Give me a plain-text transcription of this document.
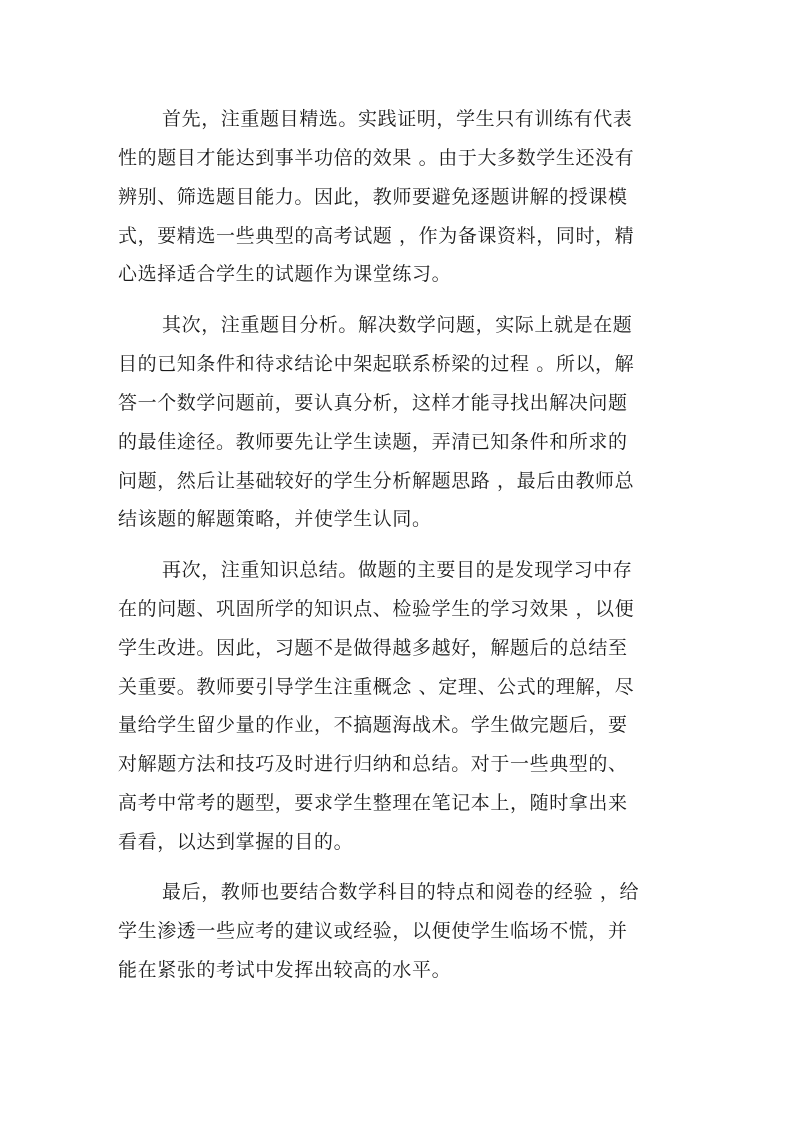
首先，注重题目精选。实践证明，学生只有训练有代表
性的题目才能达到事半功倍的效果 。由于大多数学生还没有
辨别、筛选题目能力。因此，教师要避免逐题讲解的授课模
式，要精选一些典型的高考试题 ，作为备课资料，同时，精
心选择适合学生的试题作为课堂练习。
其次，注重题目分析。解决数学问题，实际上就是在题
目的已知条件和待求结论中架起联系桥梁的过程 。所以，解
答一个数学问题前，要认真分析，这样才能寻找出解决问题
的最佳途径。教师要先让学生读题，弄清已知条件和所求的
问题，然后让基础较好的学生分析解题思路 ，最后由教师总
结该题的解题策略，并使学生认同。
再次，注重知识总结。做题的主要目的是发现学习中存
在的问题、巩固所学的知识点、检验学生的学习效果 ，以便
学生改进。因此，习题不是做得越多越好，解题后的总结至
关重要。教师要引导学生注重概念 、定理、公式的理解，尽
量给学生留少量的作业，不搞题海战术。学生做完题后，要
对解题方法和技巧及时进行归纳和总结。对于一些典型的、
高考中常考的题型，要求学生整理在笔记本上，随时拿出来
看看，以达到掌握的目的。
最后，教师也要结合数学科目的特点和阅卷的经验 ，给
学生渗透一些应考的建议或经验，以便使学生临场不慌，并
能在紧张的考试中发挥出较高的水平。
